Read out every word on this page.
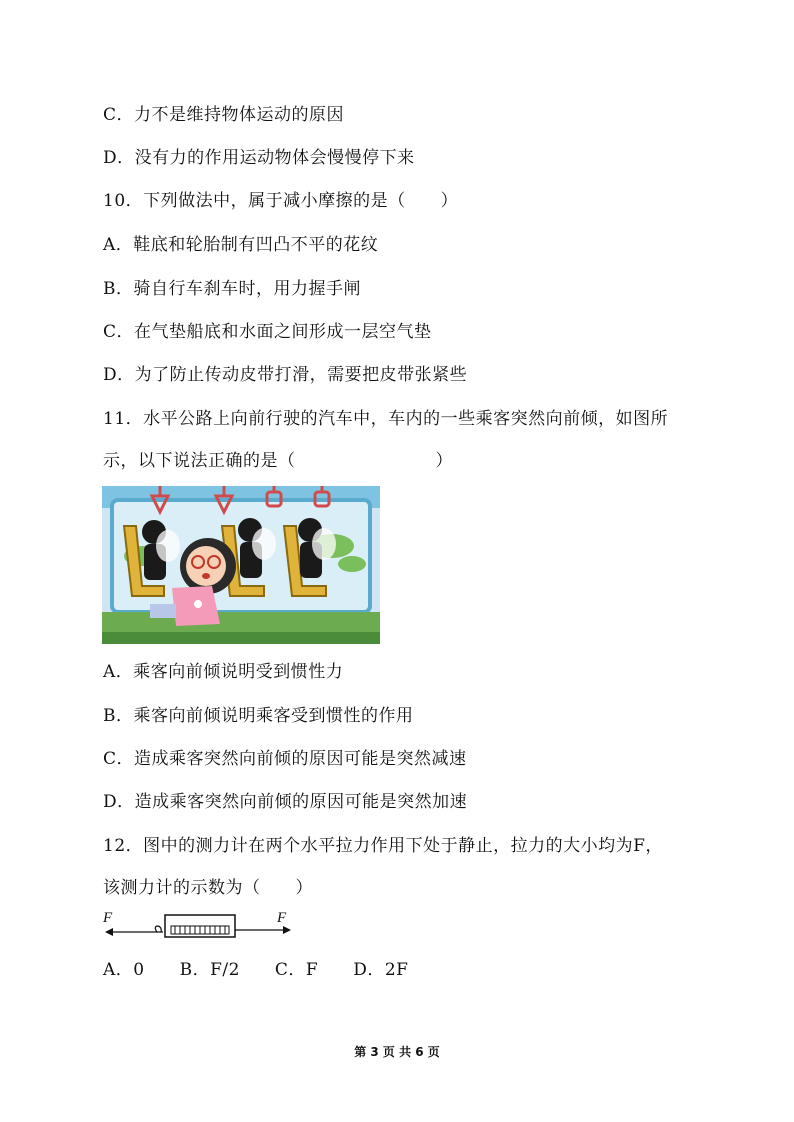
C．力不是维持物体运动的原因
D．没有力的作用运动物体会慢慢停下来
10．下列做法中，属于减小摩擦的是（　　）
A．鞋底和轮胎制有凹凸不平的花纹
B．骑自行车刹车时，用力握手闸
C．在气垫船底和水面之间形成一层空气垫
D．为了防止传动皮带打滑，需要把皮带张紧些
11．水平公路上向前行驶的汽车中，车内的一些乘客突然向前倾，如图所
示，以下说法正确的是（　　　　　　　　）
A．乘客向前倾说明受到惯性力
B．乘客向前倾说明乘客受到惯性的作用
C．造成乘客突然向前倾的原因可能是突然减速
D．造成乘客突然向前倾的原因可能是突然加速
12．图中的测力计在两个水平拉力作用下处于静止，拉力的大小均为F，
该测力计的示数为（　　）
F	F
A．0　　B．F/2　　C．F　　D．2F
第 3 页 共 6 页
